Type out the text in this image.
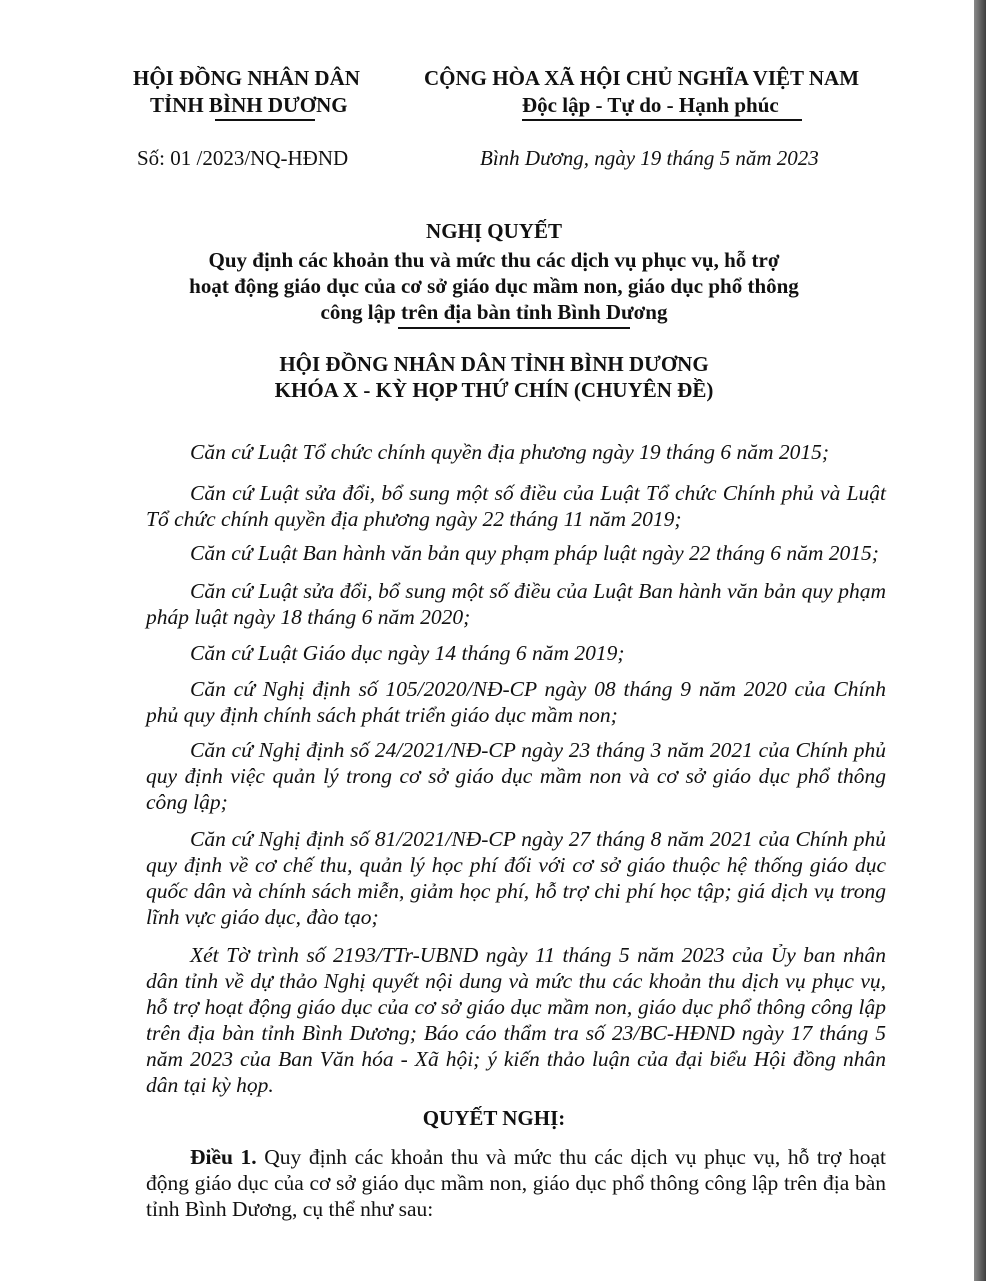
HỘI ĐỒNG NHÂN DÂN
TỈNH BÌNH DƯƠNG
CỘNG HÒA XÃ HỘI CHỦ NGHĨA VIỆT NAM
Độc lập - Tự do - Hạnh phúc
Số: 01 /2023/NQ-HĐND	Bình Dương, ngày 19 tháng 5 năm 2023
NGHỊ QUYẾT
Quy định các khoản thu và mức thu các dịch vụ phục vụ, hỗ trợ
hoạt động giáo dục của cơ sở giáo dục mầm non, giáo dục phổ thông
công lập trên địa bàn tỉnh Bình Dương
HỘI ĐỒNG NHÂN DÂN TỈNH BÌNH DƯƠNG
KHÓA X - KỲ HỌP THỨ CHÍN (CHUYÊN ĐỀ)
Căn cứ Luật Tổ chức chính quyền địa phương ngày 19 tháng 6 năm 2015;
Căn cứ Luật sửa đổi, bổ sung một số điều của Luật Tổ chức Chính phủ và Luật Tổ chức chính quyền địa phương ngày 22 tháng 11 năm 2019;
Căn cứ Luật Ban hành văn bản quy phạm pháp luật ngày 22 tháng 6 năm 2015;
Căn cứ Luật sửa đổi, bổ sung một số điều của Luật Ban hành văn bản quy phạm pháp luật ngày 18 tháng 6 năm 2020;
Căn cứ Luật Giáo dục ngày 14 tháng 6 năm 2019;
Căn cứ Nghị định số 105/2020/NĐ-CP ngày 08 tháng 9 năm 2020 của Chính phủ quy định chính sách phát triển giáo dục mầm non;
Căn cứ Nghị định số 24/2021/NĐ-CP ngày 23 tháng 3 năm 2021 của Chính phủ quy định việc quản lý trong cơ sở giáo dục mầm non và cơ sở giáo dục phổ thông công lập;
Căn cứ Nghị định số 81/2021/NĐ-CP ngày 27 tháng 8 năm 2021 của Chính phủ quy định về cơ chế thu, quản lý học phí đối với cơ sở giáo thuộc hệ thống giáo dục quốc dân và chính sách miễn, giảm học phí, hỗ trợ chi phí học tập; giá dịch vụ trong lĩnh vực giáo dục, đào tạo;
Xét Tờ trình số 2193/TTr-UBND ngày 11 tháng 5 năm 2023 của Ủy ban nhân dân tỉnh về dự thảo Nghị quyết nội dung và mức thu các khoản thu dịch vụ phục vụ, hỗ trợ hoạt động giáo dục của cơ sở giáo dục mầm non, giáo dục phổ thông công lập trên địa bàn tỉnh Bình Dương; Báo cáo thẩm tra số 23/BC-HĐND ngày 17 tháng 5 năm 2023 của Ban Văn hóa - Xã hội; ý kiến thảo luận của đại biểu Hội đồng nhân dân tại kỳ họp.
QUYẾT NGHỊ:
Điều 1. Quy định các khoản thu và mức thu các dịch vụ phục vụ, hỗ trợ hoạt động giáo dục của cơ sở giáo dục mầm non, giáo dục phổ thông công lập trên địa bàn tỉnh Bình Dương, cụ thể như sau:
